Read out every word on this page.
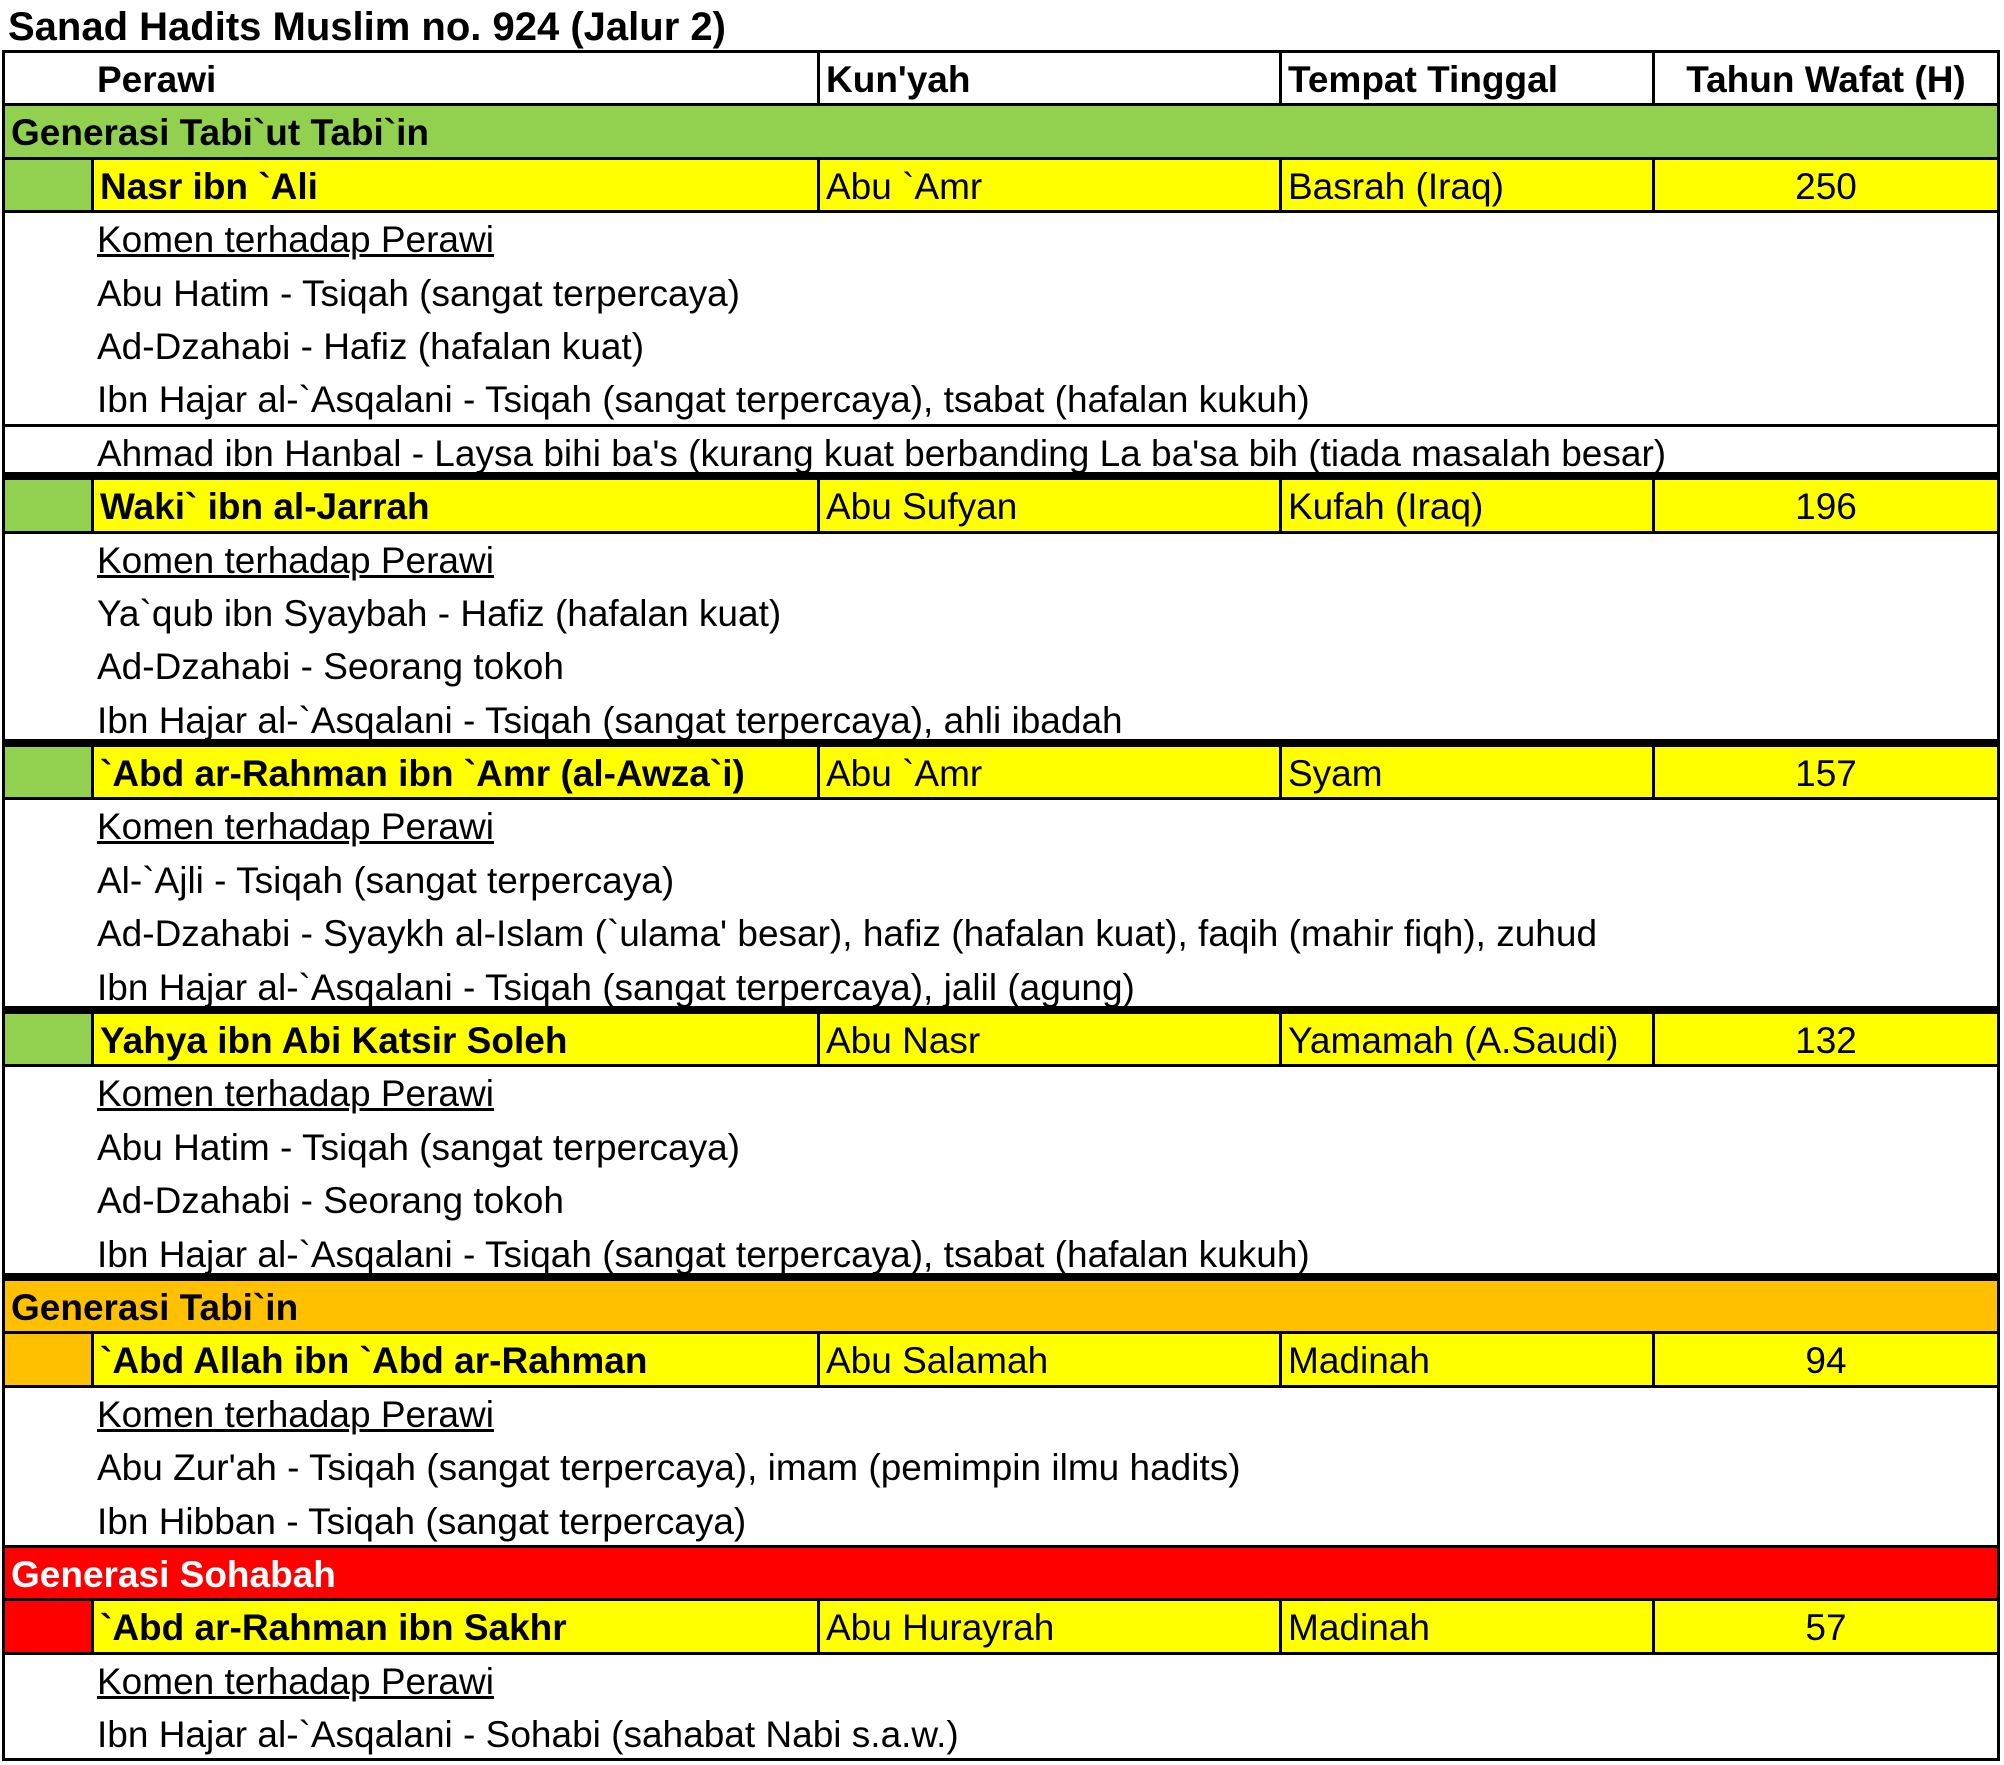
Sanad Hadits Muslim no. 924 (Jalur 2)
Perawi	Kun'yah	Tempat Tinggal	Tahun Wafat (H)
Generasi Tabi`ut Tabi`in
Nasr ibn `Ali	Abu `Amr	Basrah (Iraq)	250
Komen terhadap Perawi
Abu Hatim - Tsiqah (sangat terpercaya)
Ad-Dzahabi - Hafiz (hafalan kuat)
Ibn Hajar al-`Asqalani - Tsiqah (sangat terpercaya), tsabat (hafalan kukuh)
Ahmad ibn Hanbal - Laysa bihi ba's (kurang kuat berbanding La ba'sa bih (tiada masalah besar)
Waki` ibn al-Jarrah	Abu Sufyan	Kufah (Iraq)	196
Komen terhadap Perawi
Ya`qub ibn Syaybah - Hafiz (hafalan kuat)
Ad-Dzahabi - Seorang tokoh
Ibn Hajar al-`Asqalani - Tsiqah (sangat terpercaya), ahli ibadah
`Abd ar-Rahman ibn `Amr (al-Awza`i)	Abu `Amr	Syam	157
Komen terhadap Perawi
Al-`Ajli - Tsiqah (sangat terpercaya)
Ad-Dzahabi - Syaykh al-Islam (`ulama' besar), hafiz (hafalan kuat), faqih (mahir fiqh), zuhud
Ibn Hajar al-`Asqalani - Tsiqah (sangat terpercaya), jalil (agung)
Yahya ibn Abi Katsir Soleh	Abu Nasr	Yamamah (A.Saudi)	132
Komen terhadap Perawi
Abu Hatim - Tsiqah (sangat terpercaya)
Ad-Dzahabi - Seorang tokoh
Ibn Hajar al-`Asqalani - Tsiqah (sangat terpercaya), tsabat (hafalan kukuh)
Generasi Tabi`in
`Abd Allah ibn `Abd ar-Rahman	Abu Salamah	Madinah	94
Komen terhadap Perawi
Abu Zur'ah - Tsiqah (sangat terpercaya), imam (pemimpin ilmu hadits)
Ibn Hibban - Tsiqah (sangat terpercaya)
Generasi Sohabah
`Abd ar-Rahman ibn Sakhr	Abu Hurayrah	Madinah	57
Komen terhadap Perawi
Ibn Hajar al-`Asqalani - Sohabi (sahabat Nabi s.a.w.)
